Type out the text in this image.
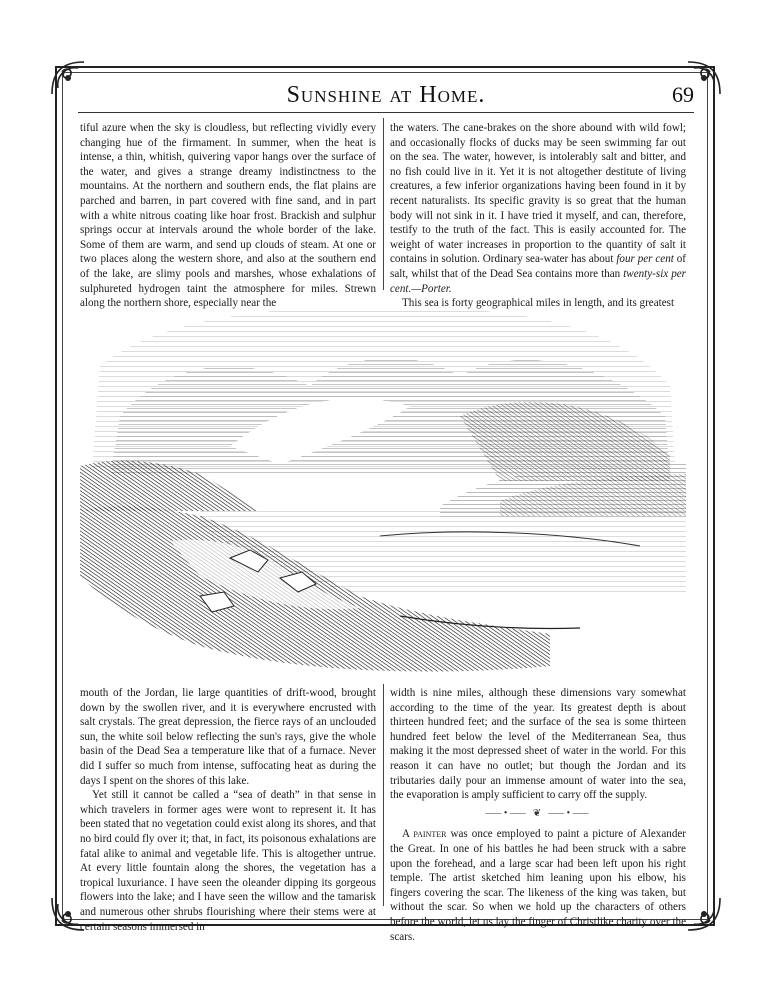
Sunshine at Home.	69

tiful azure when the sky is cloudless, but reflecting vividly every changing hue of the firmament. In summer, when the heat is intense, a thin, whitish, quivering vapor hangs over the surface of the water, and gives a strange dreamy indistinctness to the mountains. At the northern and southern ends, the flat plains are parched and barren, in part covered with fine sand, and in part with a white nitrous coating like hoar frost. Brackish and sulphur springs occur at intervals around the whole border of the lake. Some of them are warm, and send up clouds of steam. At one or two places along the western shore, and also at the southern end of the lake, are slimy pools and marshes, whose exhalations of sulphureted hydrogen taint the atmosphere for miles. Strewn along the northern shore, especially near the

the waters. The cane-brakes on the shore abound with wild fowl; and occasionally flocks of ducks may be seen swimming far out on the sea. The water, however, is intolerably salt and bitter, and no fish could live in it. Yet it is not altogether destitute of living creatures, a few inferior organizations having been found in it by recent naturalists. Its specific gravity is so great that the human body will not sink in it. I have tried it myself, and can, therefore, testify to the truth of the fact. This is easily accounted for. The weight of water increases in proportion to the quantity of salt it contains in solution. Ordinary sea-water has about four per cent of salt, whilst that of the Dead Sea contains more than twenty-six per cent.—Porter.

This sea is forty geographical miles in length, and its greatest

mouth of the Jordan, lie large quantities of drift-wood, brought down by the swollen river, and it is everywhere encrusted with salt crystals. The great depression, the fierce rays of an unclouded sun, the white soil below reflecting the sun's rays, give the whole basin of the Dead Sea a temperature like that of a furnace. Never did I suffer so much from intense, suffocating heat as during the days I spent on the shores of this lake.

Yet still it cannot be called a “sea of death” in that sense in which travelers in former ages were wont to represent it. It has been stated that no vegetation could exist along its shores, and that no bird could fly over it; that, in fact, its poisonous exhalations are fatal alike to animal and vegetable life. This is altogether untrue. At every little fountain along the shores, the vegetation has a tropical luxuriance. I have seen the oleander dipping its gorgeous flowers into the lake; and I have seen the willow and the tamarisk and numerous other shrubs flourishing where their stems were at certain seasons immersed in

width is nine miles, although these dimensions vary somewhat according to the time of the year. Its greatest depth is about thirteen hundred feet; and the surface of the sea is some thirteen hundred feet below the level of the Mediterranean Sea, thus making it the most depressed sheet of water in the world. For this reason it can have no outlet; but though the Jordan and its tributaries daily pour an immense amount of water into the sea, the evaporation is amply sufficient to carry off the supply.

⸺•⸺ ❦ ⸺•⸺

A painter was once employed to paint a picture of Alexander the Great. In one of his battles he had been struck with a sabre upon the forehead, and a large scar had been left upon his right temple. The artist sketched him leaning upon his elbow, his fingers covering the scar. The likeness of the king was taken, but without the scar. So when we hold up the characters of others before the world, let us lay the finger of Christlike charity over the scars.
